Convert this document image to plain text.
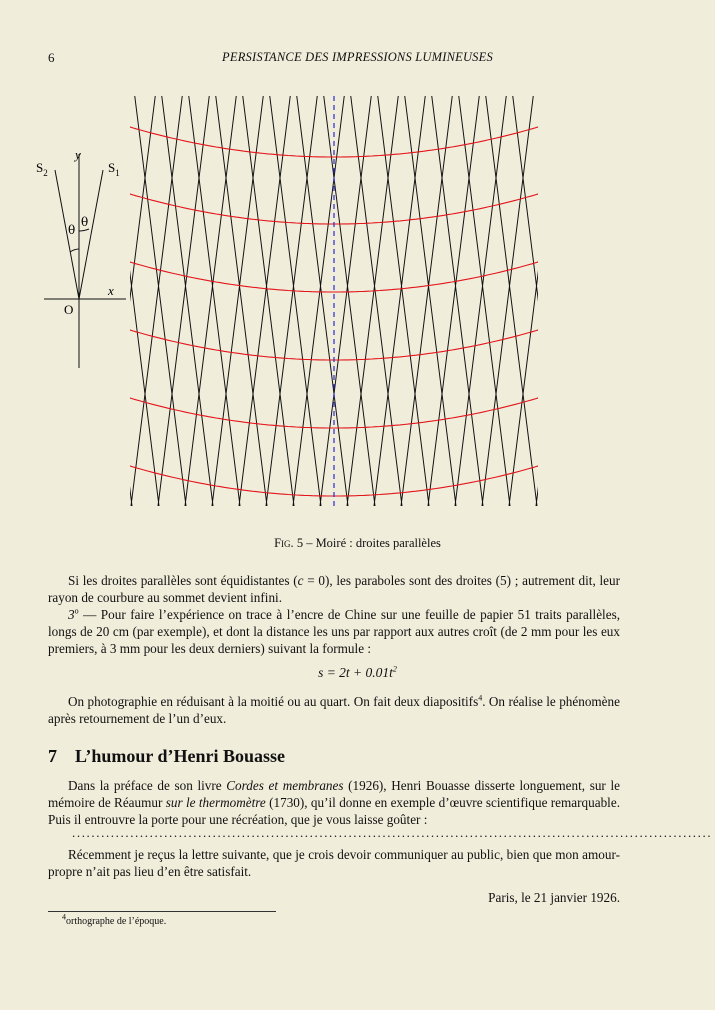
6	PERSISTANCE DES IMPRESSIONS LUMINEUSES
y
x
O
$S_2$	$S_1$
θ
θ
Fig. 5 – Moiré : droites parallèles
Si les droites parallèles sont équidistantes (c = 0), les paraboles sont des droites (5) ; autrement dit, leur rayon de courbure au sommet devient infini.
3$^o$ — Pour faire l’expérience on trace à l’encre de Chine sur une feuille de papier 51 traits parallèles, longs de 20 cm (par exemple), et dont la distance les uns par rapport aux autres croît (de 2 mm pour les eux premiers, à 3 mm pour les deux derniers) suivant la formule :
$s = 2t + 0.01t^2$
On photographie en réduisant à la moitié ou au quart. On fait deux diapositifs$^4$. On réalise le phénomène après retournement de l’un d’eux.
7 L’humour d’Henri Bouasse
Dans la préface de son livre Cordes et membranes (1926), Henri Bouasse disserte longuement, sur le mémoire de Réaumur sur le thermomètre (1730), qu’il donne en exemple d’œuvre scientifique remarquable. Puis il entrouvre la porte pour une récréation, que je vous laisse goûter :
....................................................................................................................................
Récemment je reçus la lettre suivante, que je crois devoir communiquer au public, bien que mon amour-propre n’ait pas lieu d’en être satisfait.
Paris, le 21 janvier 1926.
$^4$orthographe de l’époque.
